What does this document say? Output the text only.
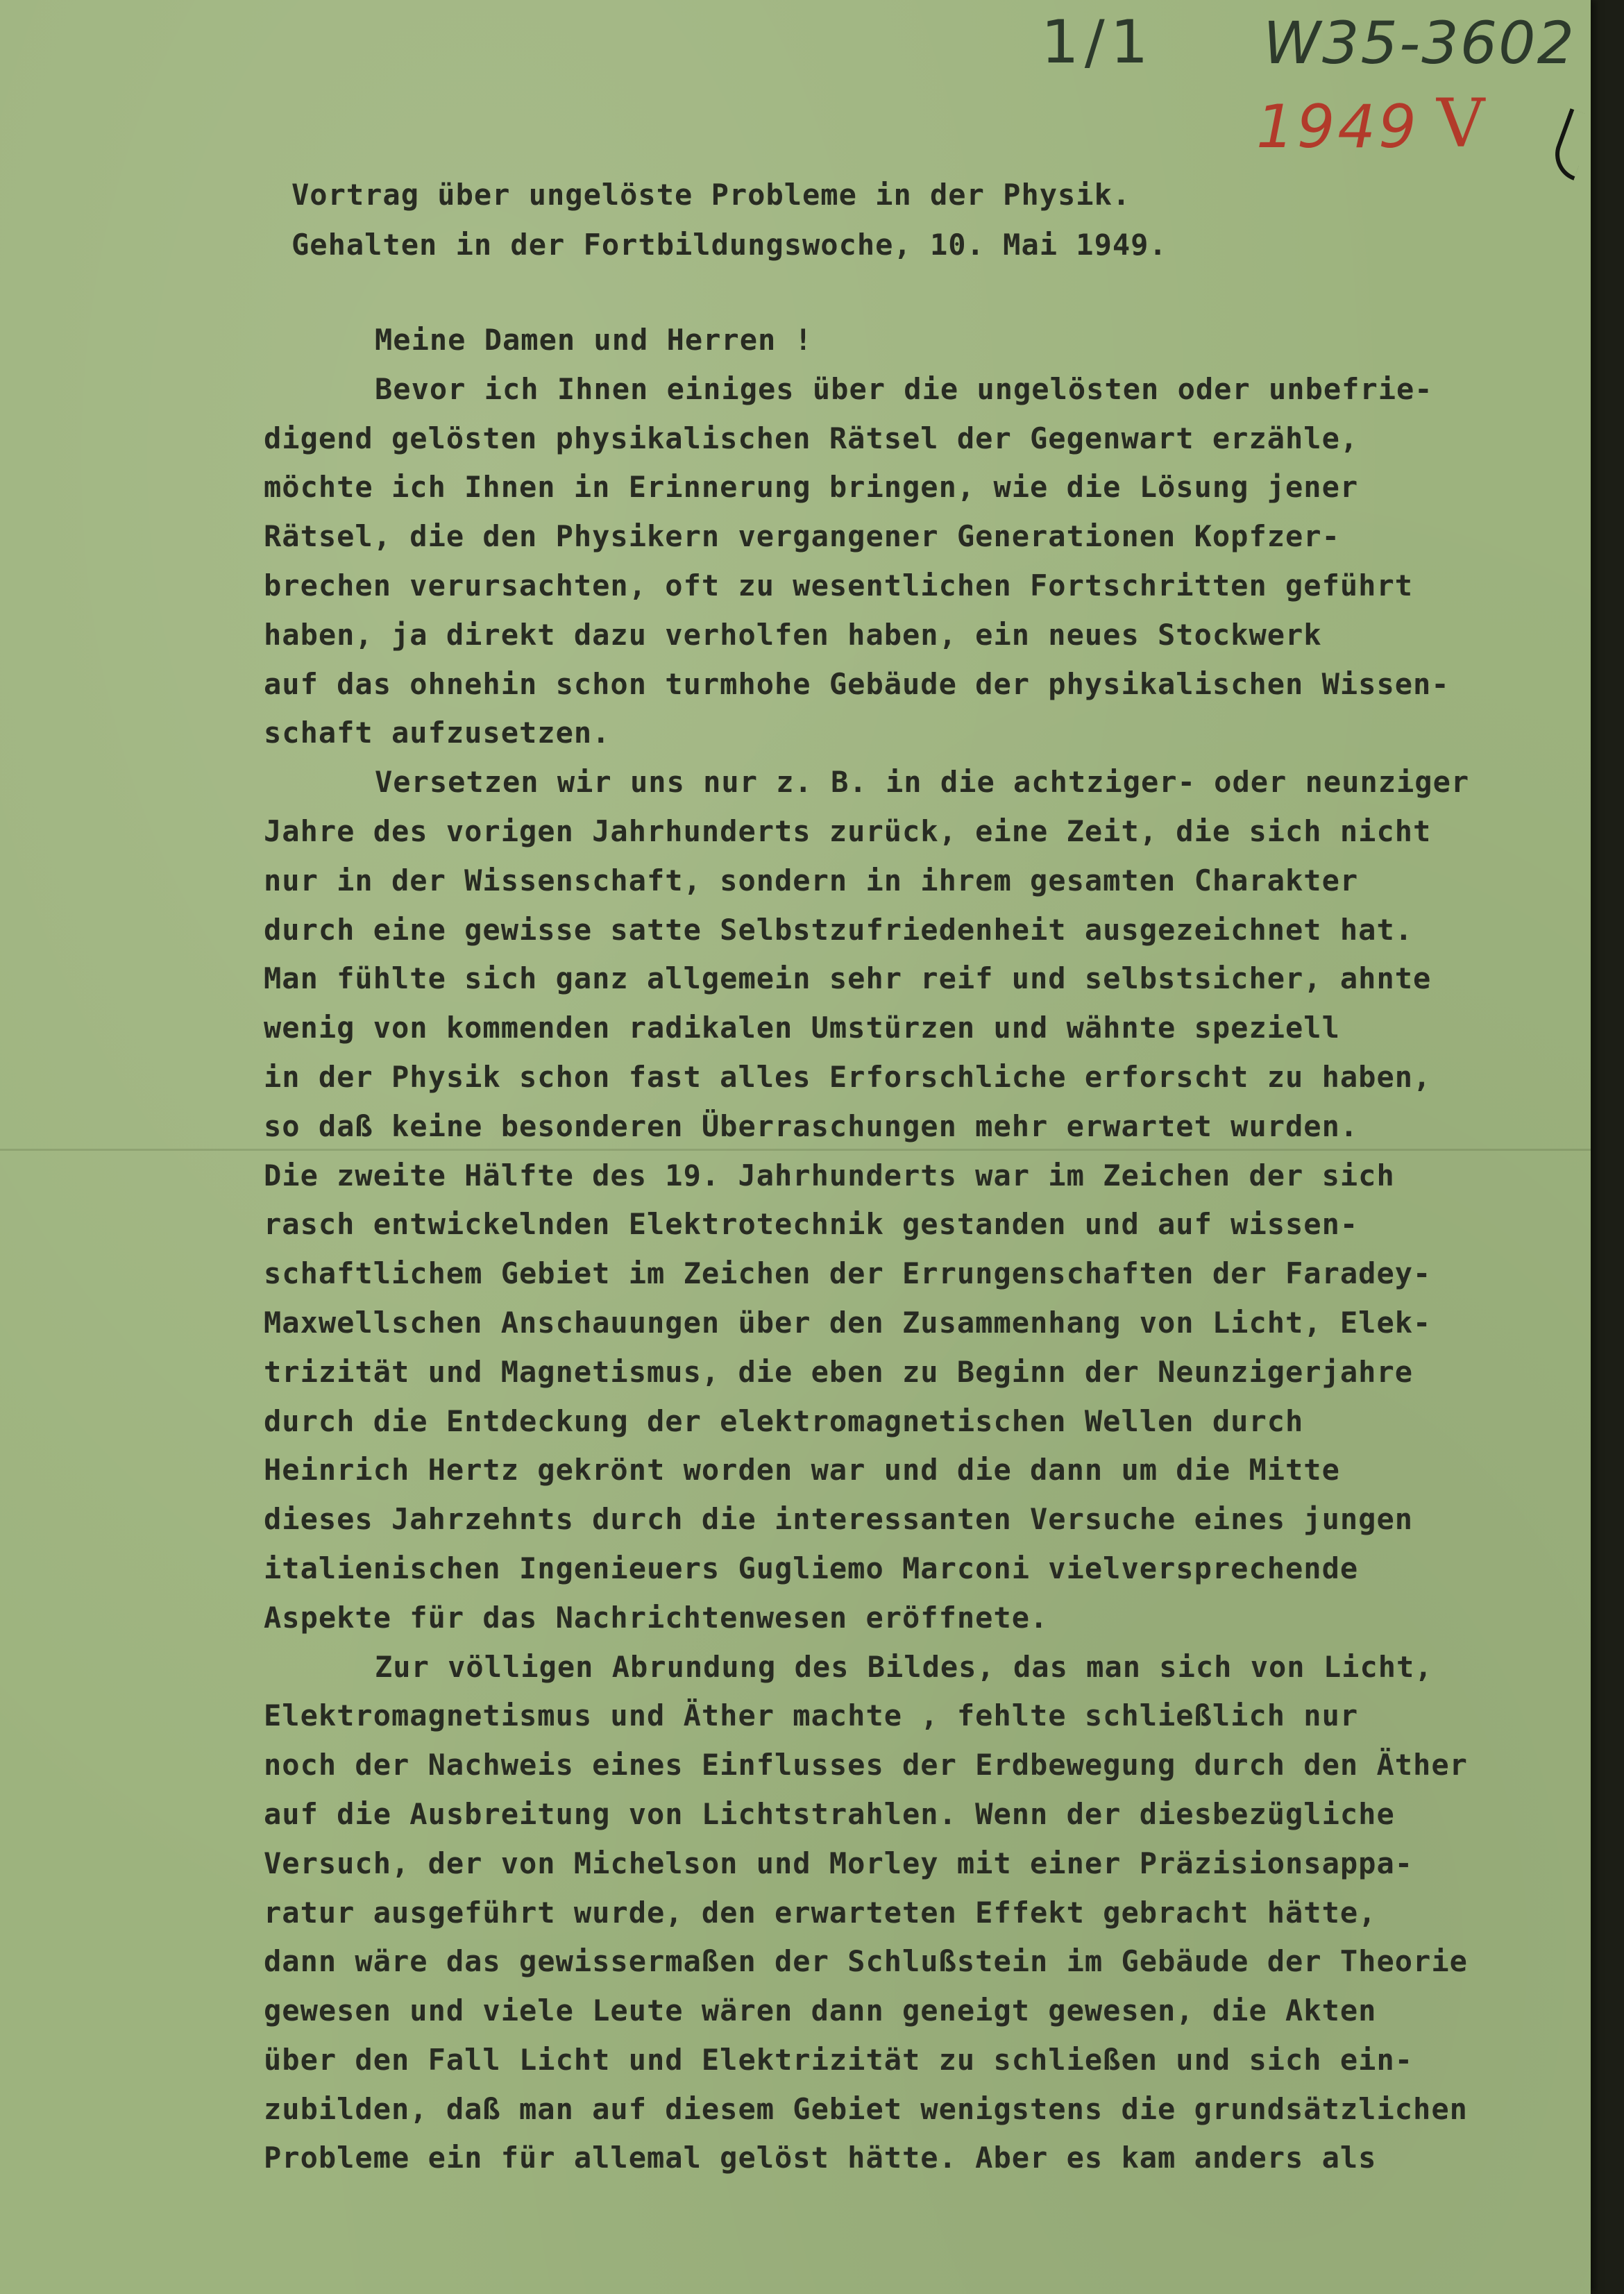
1/1 W35-3602
1949 V
Vortrag über ungelöste Probleme in der Physik.
Gehalten in der Fortbildungswoche, 10. Mai 1949.
Meine Damen und Herren !
Bevor ich Ihnen einiges über die ungelösten oder unbefrie-
digend gelösten physikalischen Rätsel der Gegenwart erzähle,
möchte ich Ihnen in Erinnerung bringen, wie die Lösung jener
Rätsel, die den Physikern vergangener Generationen Kopfzer-
brechen verursachten, oft zu wesentlichen Fortschritten geführt
haben, ja direkt dazu verholfen haben, ein neues Stockwerk
auf das ohnehin schon turmhohe Gebäude der physikalischen Wissen-
schaft aufzusetzen.
Versetzen wir uns nur z. B. in die achtziger- oder neunziger
Jahre des vorigen Jahrhunderts zurück, eine Zeit, die sich nicht
nur in der Wissenschaft, sondern in ihrem gesamten Charakter
durch eine gewisse satte Selbstzufriedenheit ausgezeichnet hat.
Man fühlte sich ganz allgemein sehr reif und selbstsicher, ahnte
wenig von kommenden radikalen Umstürzen und wähnte speziell
in der Physik schon fast alles Erforschliche erforscht zu haben,
so daß keine besonderen Überraschungen mehr erwartet wurden.
Die zweite Hälfte des 19. Jahrhunderts war im Zeichen der sich
rasch entwickelnden Elektrotechnik gestanden und auf wissen-
schaftlichem Gebiet im Zeichen der Errungenschaften der Faradey-
Maxwellschen Anschauungen über den Zusammenhang von Licht, Elek-
trizität und Magnetismus, die eben zu Beginn der Neunzigerjahre
durch die Entdeckung der elektromagnetischen Wellen durch
Heinrich Hertz gekrönt worden war und die dann um die Mitte
dieses Jahrzehnts durch die interessanten Versuche eines jungen
italienischen Ingenieuers Gugliemo Marconi vielversprechende
Aspekte für das Nachrichtenwesen eröffnete.
Zur völligen Abrundung des Bildes, das man sich von Licht,
Elektromagnetismus und Äther machte , fehlte schließlich nur
noch der Nachweis eines Einflusses der Erdbewegung durch den Äther
auf die Ausbreitung von Lichtstrahlen. Wenn der diesbezügliche
Versuch, der von Michelson und Morley mit einer Präzisionsappa-
ratur ausgeführt wurde, den erwarteten Effekt gebracht hätte,
dann wäre das gewissermaßen der Schlußstein im Gebäude der Theorie
gewesen und viele Leute wären dann geneigt gewesen, die Akten
über den Fall Licht und Elektrizität zu schließen und sich ein-
zubilden, daß man auf diesem Gebiet wenigstens die grundsätzlichen
Probleme ein für allemal gelöst hätte. Aber es kam anders als
